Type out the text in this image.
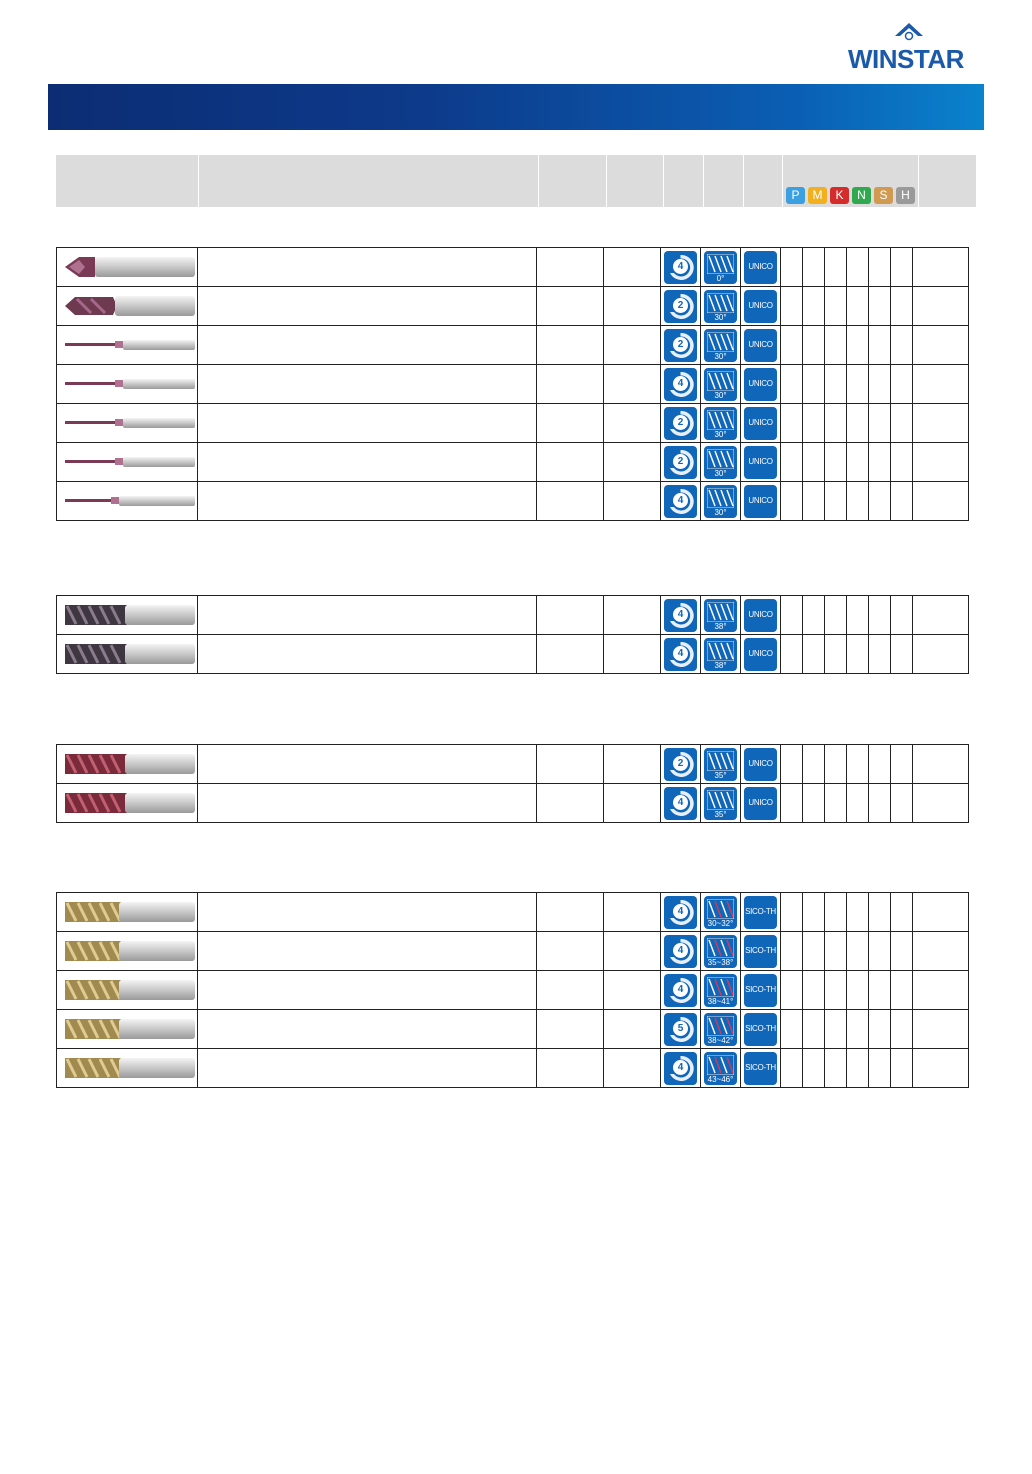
WINSTAR
P	M	K	N	S	H

4	0°	UNICO							

2	30°	UNICO							

2	30°	UNICO							

4	30°	UNICO							

2	30°	UNICO							

2	30°	UNICO							

4	30°	UNICO							

4	38°	UNICO							

4	38°	UNICO							

2	35°	UNICO							

4	35°	UNICO							

4	30~32°	SICO-TH							

4	35~38°	SICO-TH							

4	38~41°	SICO-TH							

5	38~42°	SICO-TH							

4	43~46°	SICO-TH							
